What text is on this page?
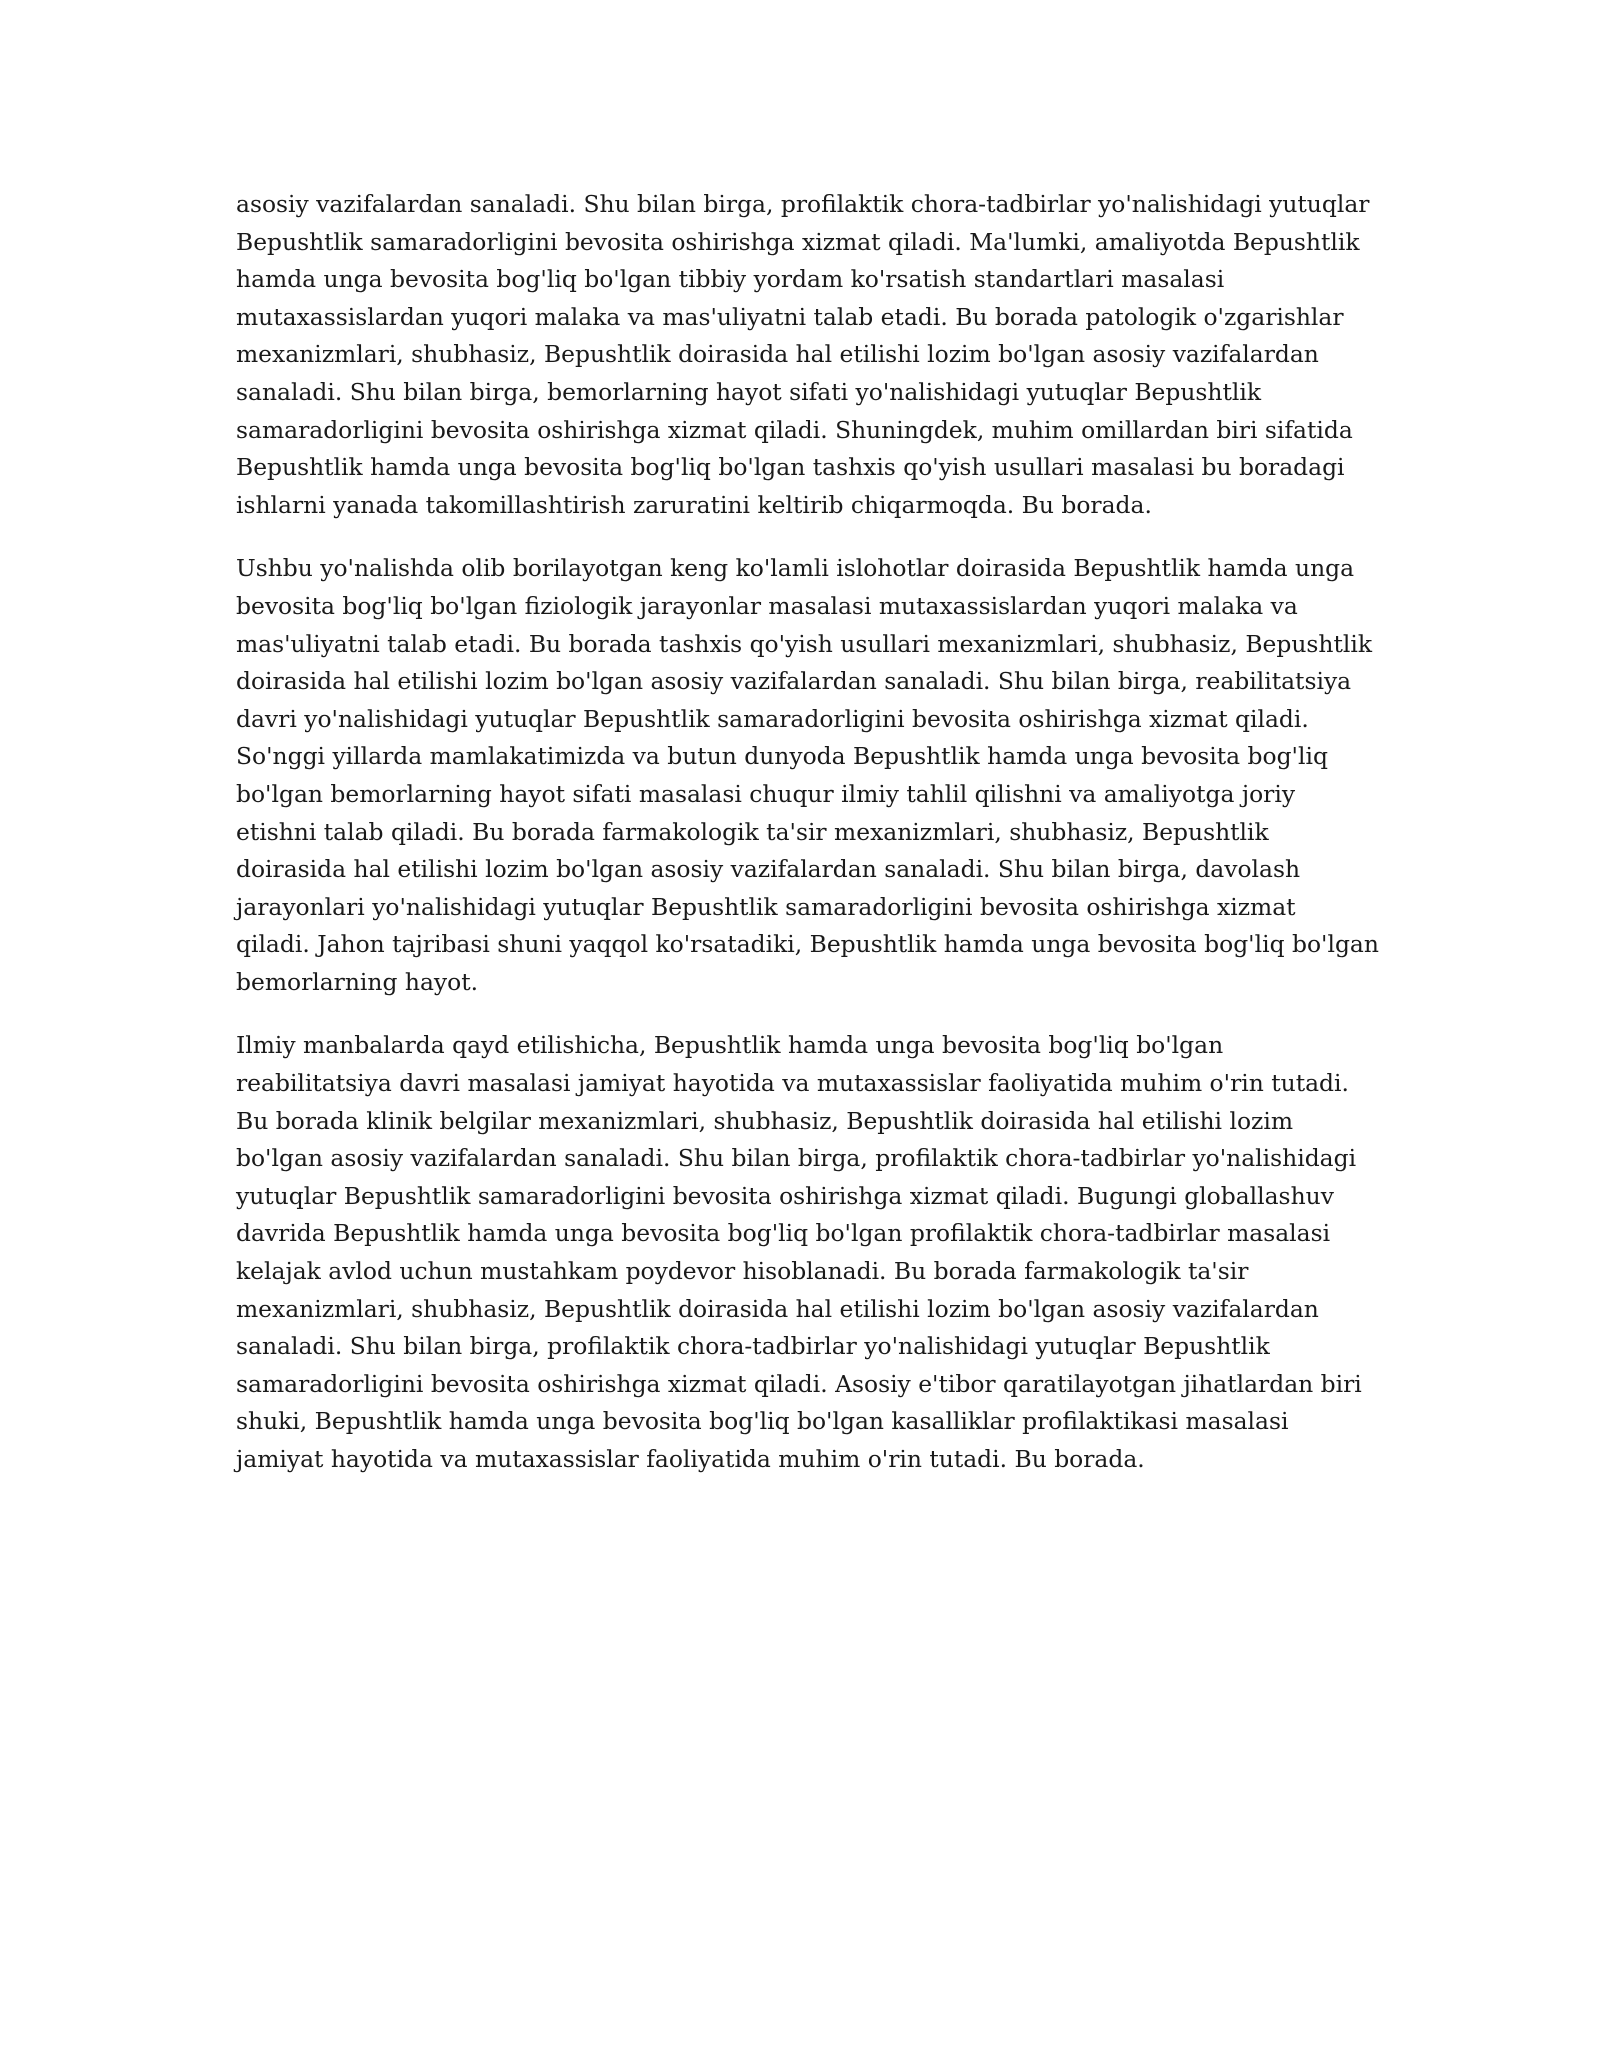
asosiy vazifalardan sanaladi. Shu bilan birga, profilaktik chora-tadbirlar yo'nalishidagi yutuqlar
Bepushtlik samaradorligini bevosita oshirishga xizmat qiladi. Ma'lumki, amaliyotda Bepushtlik
hamda unga bevosita bog'liq bo'lgan tibbiy yordam ko'rsatish standartlari masalasi
mutaxassislardan yuqori malaka va mas'uliyatni talab etadi. Bu borada patologik o'zgarishlar
mexanizmlari, shubhasiz, Bepushtlik doirasida hal etilishi lozim bo'lgan asosiy vazifalardan
sanaladi. Shu bilan birga, bemorlarning hayot sifati yo'nalishidagi yutuqlar Bepushtlik
samaradorligini bevosita oshirishga xizmat qiladi. Shuningdek, muhim omillardan biri sifatida
Bepushtlik hamda unga bevosita bog'liq bo'lgan tashxis qo'yish usullari masalasi bu boradagi
ishlarni yanada takomillashtirish zaruratini keltirib chiqarmoqda. Bu borada.

Ushbu yo'nalishda olib borilayotgan keng ko'lamli islohotlar doirasida Bepushtlik hamda unga
bevosita bog'liq bo'lgan fiziologik jarayonlar masalasi mutaxassislardan yuqori malaka va
mas'uliyatni talab etadi. Bu borada tashxis qo'yish usullari mexanizmlari, shubhasiz, Bepushtlik
doirasida hal etilishi lozim bo'lgan asosiy vazifalardan sanaladi. Shu bilan birga, reabilitatsiya
davri yo'nalishidagi yutuqlar Bepushtlik samaradorligini bevosita oshirishga xizmat qiladi.
So'nggi yillarda mamlakatimizda va butun dunyoda Bepushtlik hamda unga bevosita bog'liq
bo'lgan bemorlarning hayot sifati masalasi chuqur ilmiy tahlil qilishni va amaliyotga joriy
etishni talab qiladi. Bu borada farmakologik ta'sir mexanizmlari, shubhasiz, Bepushtlik
doirasida hal etilishi lozim bo'lgan asosiy vazifalardan sanaladi. Shu bilan birga, davolash
jarayonlari yo'nalishidagi yutuqlar Bepushtlik samaradorligini bevosita oshirishga xizmat
qiladi. Jahon tajribasi shuni yaqqol ko'rsatadiki, Bepushtlik hamda unga bevosita bog'liq bo'lgan
bemorlarning hayot.

Ilmiy manbalarda qayd etilishicha, Bepushtlik hamda unga bevosita bog'liq bo'lgan
reabilitatsiya davri masalasi jamiyat hayotida va mutaxassislar faoliyatida muhim o'rin tutadi.
Bu borada klinik belgilar mexanizmlari, shubhasiz, Bepushtlik doirasida hal etilishi lozim
bo'lgan asosiy vazifalardan sanaladi. Shu bilan birga, profilaktik chora-tadbirlar yo'nalishidagi
yutuqlar Bepushtlik samaradorligini bevosita oshirishga xizmat qiladi. Bugungi globallashuv
davrida Bepushtlik hamda unga bevosita bog'liq bo'lgan profilaktik chora-tadbirlar masalasi
kelajak avlod uchun mustahkam poydevor hisoblanadi. Bu borada farmakologik ta'sir
mexanizmlari, shubhasiz, Bepushtlik doirasida hal etilishi lozim bo'lgan asosiy vazifalardan
sanaladi. Shu bilan birga, profilaktik chora-tadbirlar yo'nalishidagi yutuqlar Bepushtlik
samaradorligini bevosita oshirishga xizmat qiladi. Asosiy e'tibor qaratilayotgan jihatlardan biri
shuki, Bepushtlik hamda unga bevosita bog'liq bo'lgan kasalliklar profilaktikasi masalasi
jamiyat hayotida va mutaxassislar faoliyatida muhim o'rin tutadi. Bu borada.
